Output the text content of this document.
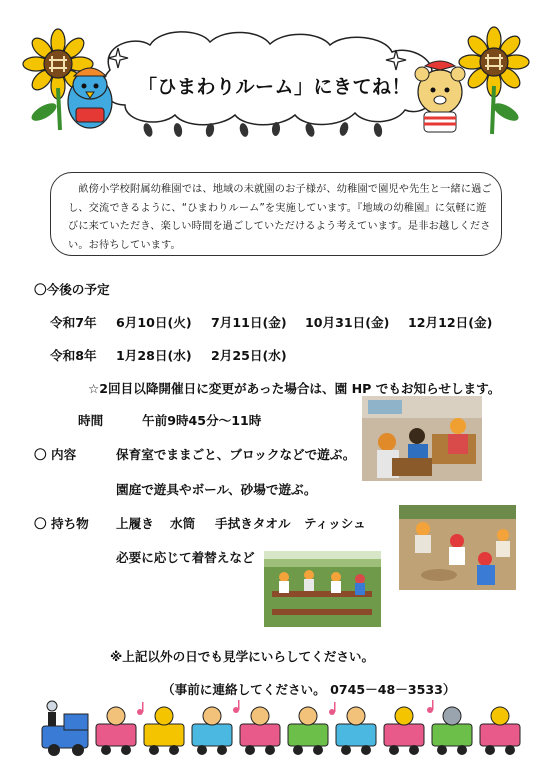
「ひまわりルーム」にきてね！
　畝傍小学校附属幼稚園では、地域の未就園のお子様が、幼稚園で園児や先生と一緒に過ごし、交流できるように、“ひまわりルーム”を実施しています。『地域の幼稚園』に気軽に遊びに来ていただき、楽しい時間を過ごしていただけるよう考えています。是非お越しください。お待ちしています。
〇今後の予定
令和7年 6月10日(火) 7月11日(金) 10月31日(金) 12月12日(金)
令和8年 1月28日(水) 2月25日(水)
☆2回目以降開催日に変更があった場合は、園 HP でもお知らせします。
時間	午前9時45分～11時
〇 内容	保育室でままごと、ブロックなどで遊ぶ。
園庭で遊具やボール、砂場で遊ぶ。
〇 持ち物 上履き 水筒 手拭きタオル ティッシュ
必要に応じて着替えなど
※上記以外の日でも見学にいらしてください。
（事前に連絡してください。 0745－48－3533）
